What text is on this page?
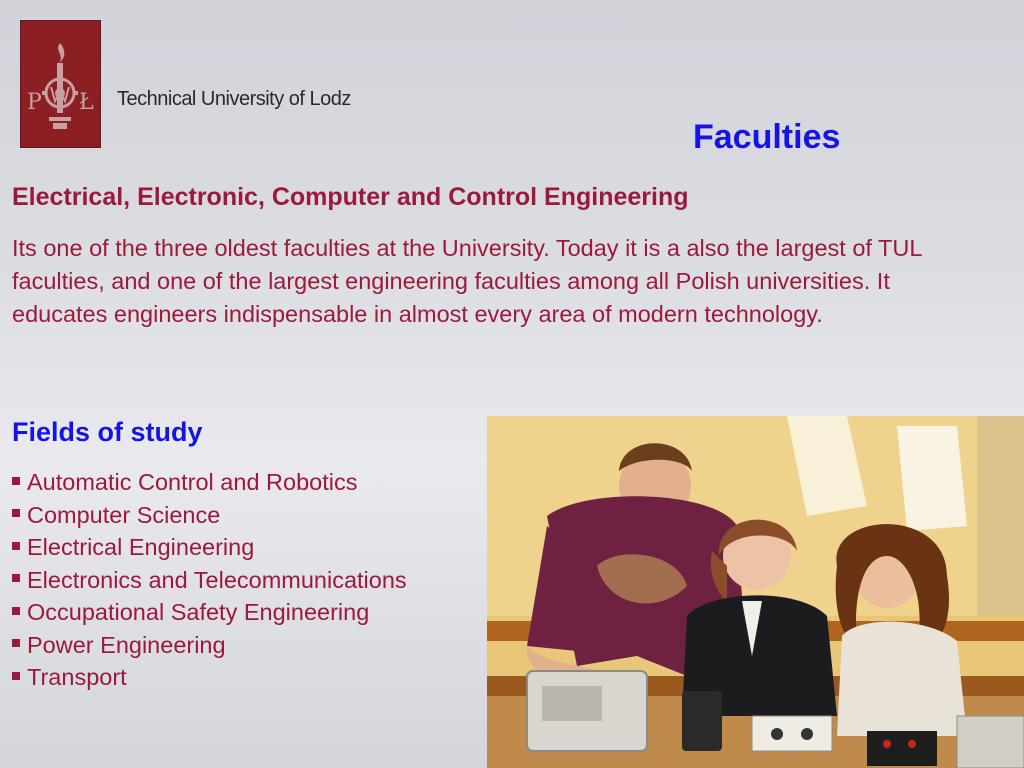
P Ł Technical University of Lodz
Faculties
Electrical, Electronic, Computer and Control Engineering

Its one of the three oldest faculties at the University. Today it is a also the largest of TUL faculties, and one of the largest engineering faculties among all Polish universities. It educates engineers indispensable in almost every area of modern technology.

Fields of study
Automatic Control and Robotics
Computer Science
Electrical Engineering
Electronics and Telecommunications
Occupational Safety Engineering
Power Engineering
Transport
